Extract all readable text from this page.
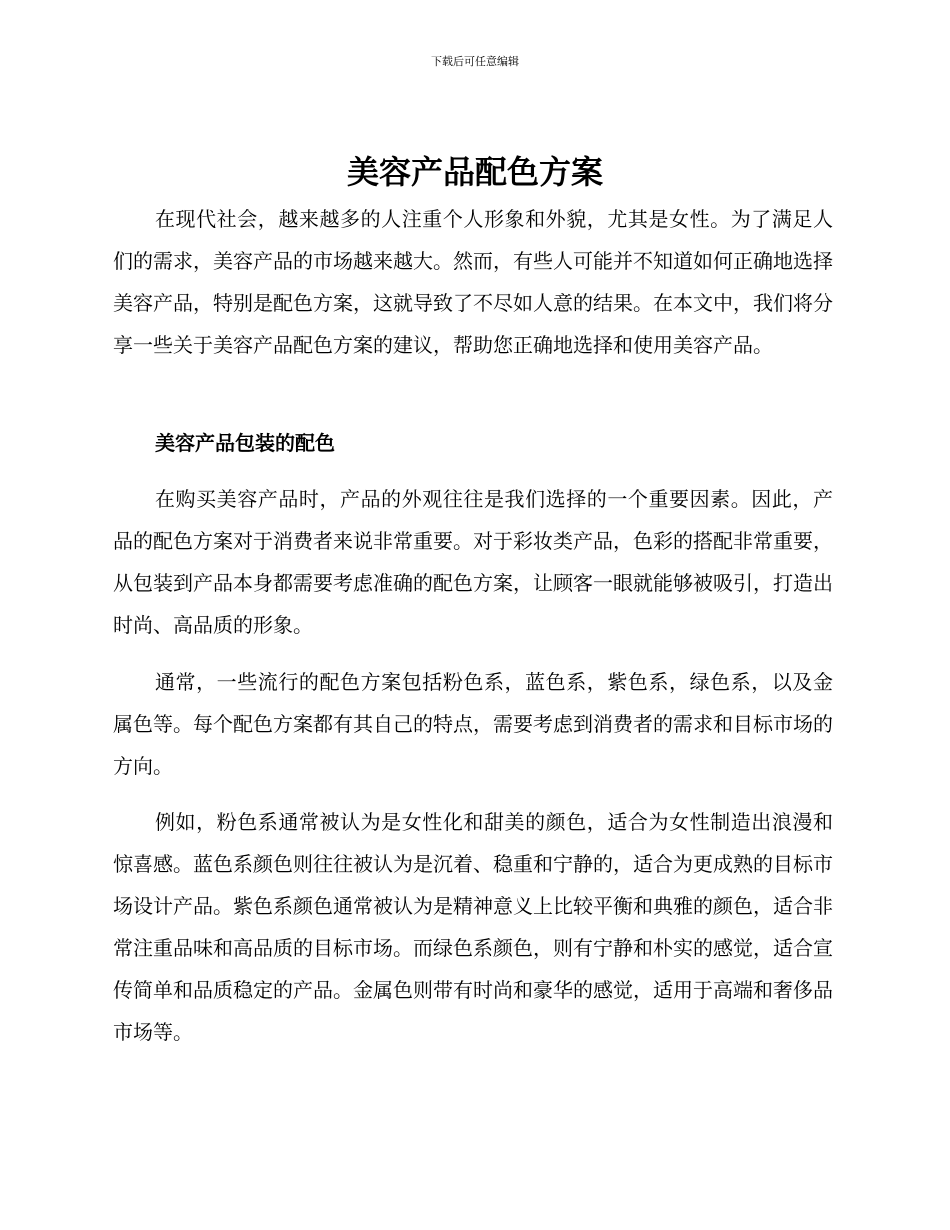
下载后可任意编辑
美容产品配色方案

在现代社会，越来越多的人注重个人形象和外貌，尤其是女性。为了满足人们的需求，美容产品的市场越来越大。然而，有些人可能并不知道如何正确地选择美容产品，特别是配色方案，这就导致了不尽如人意的结果。在本文中，我们将分享一些关于美容产品配色方案的建议，帮助您正确地选择和使用美容产品。

美容产品包装的配色

在购买美容产品时，产品的外观往往是我们选择的一个重要因素。因此，产品的配色方案对于消费者来说非常重要。对于彩妆类产品，色彩的搭配非常重要，从包装到产品本身都需要考虑准确的配色方案，让顾客一眼就能够被吸引，打造出时尚、高品质的形象。

通常，一些流行的配色方案包括粉色系，蓝色系，紫色系，绿色系，以及金属色等。每个配色方案都有其自己的特点，需要考虑到消费者的需求和目标市场的方向。

例如，粉色系通常被认为是女性化和甜美的颜色，适合为女性制造出浪漫和惊喜感。蓝色系颜色则往往被认为是沉着、稳重和宁静的，适合为更成熟的目标市场设计产品。紫色系颜色通常被认为是精神意义上比较平衡和典雅的颜色，适合非常注重品味和高品质的目标市场。而绿色系颜色，则有宁静和朴实的感觉，适合宣传简单和品质稳定的产品。金属色则带有时尚和豪华的感觉，适用于高端和奢侈品市场等。
